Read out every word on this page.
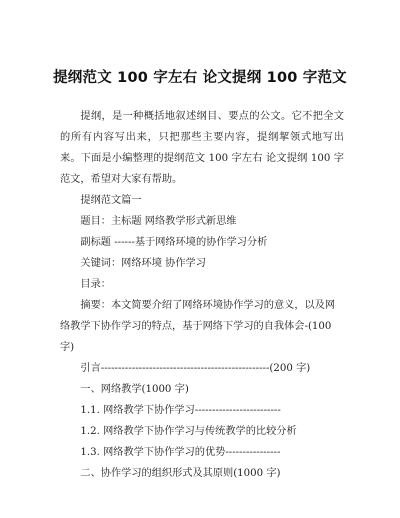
提纲范文 100 字左右 论文提纲 100 字范文

提纲，是一种概括地叙述纲目、要点的公文。它不把全文的所有内容写出来，只把那些主要内容，提纲挈领式地写出来。下面是小编整理的提纲范文 100 字左右 论文提纲 100 字范文，希望对大家有帮助。

提纲范文篇一

题目：主标题 网络教学形式新思维

副标题 ------基于网络环境的协作学习分析

关键词：网络环境 协作学习

目录：

摘要：本文简要介绍了网络环境协作学习的意义，以及网络教学下协作学习的特点，基于网络下学习的自我体会-(100 字)

引言-------------------------------------------------(200 字)

一、网络教学(1000 字)

1.1. 网络教学下协作学习-------------------------

1.2. 网络教学下协作学习与传统教学的比较分析

1.3. 网络教学下协作学习的优势----------------

二、协作学习的组织形式及其原则(1000 字)
